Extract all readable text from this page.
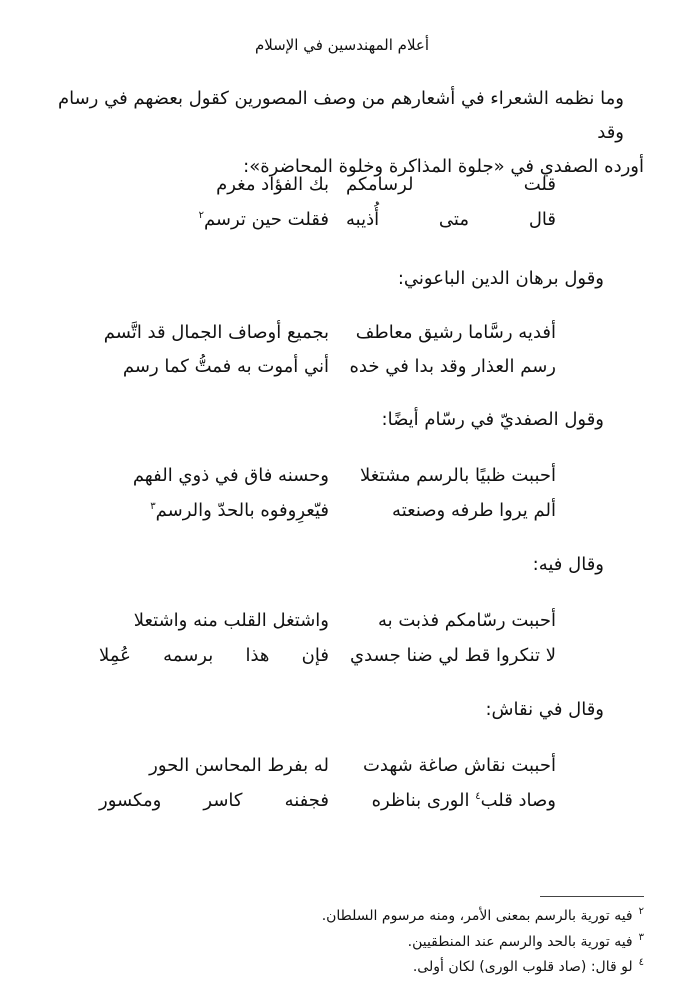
أعلام المهندسين في الإسلام
وما نظمه الشعراء في أشعارهم من وصف المصورين كقول بعضهم في رسام وقد
أورده الصفدي في «جلوة المذاكرة وخلوة المحاضرة»:
قلت لرسامكم
بك الفؤاد مغرم
قال متى أُذيبه
فقلت حين ترسم$^٢$
وقول برهان الدين الباعوني:
أفديه رسَّاما رشيق معاطف
بجميع أوصاف الجمال قد اتَّسم
رسم العذار وقد بدا في خده
أني أموت به فمتُّ كما رسم
وقول الصفديّ في رسّام أيضًا:
أحببت ظبيًا بالرسم مشتغلا
وحسنه فاق في ذوي الفهم
ألم يروا طرفه وصنعته
فيّعرِوفوه بالحدّ والرسم$^٣$
وقال فيه:
أحببت رسّامكم فذبت به
واشتغل القلب منه واشتعلا
لا تنكروا قط لي ضنا جسدي
فإن هذا برسمه عُمِلا
وقال في نقاش:
أحببت نقاش صاغة شهدت
له بفرط المحاسن الحور
وصاد قلب$^٤$ الورى بناظره
فجفنه كاسر ومكسور
$^٢$فيه تورية بالرسم بمعنى الأمر، ومنه مرسوم السلطان.
$^٣$فيه تورية بالحد والرسم عند المنطقيين.
$^٤$لو قال: (صاد قلوب الورى) لكان أولى.
